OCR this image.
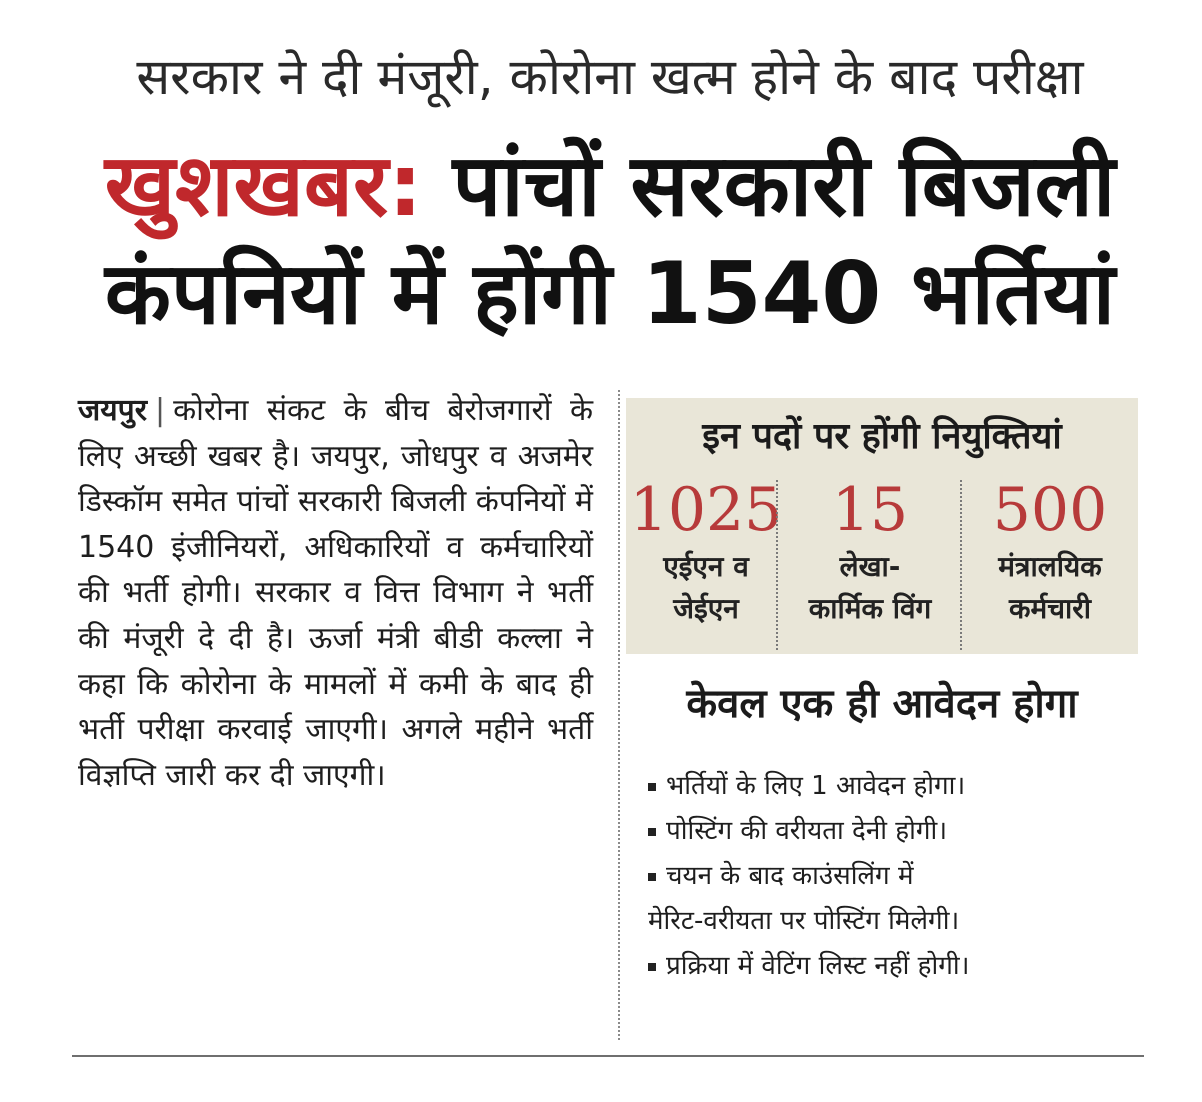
सरकार ने दी मंजूरी, कोरोना खत्म होने के बाद परीक्षा
खुशखबर: पांचों सरकारी बिजली
कंपनियों में होंगी 1540 भर्तियां
जयपुर | कोरोना संकट के बीच बेरोजगारों के लिए अच्छी खबर है। जयपुर, जोधपुर व अजमेर डिस्कॉम समेत पांचों सरकारी बिजली कंपनियों में 1540 इंजीनियरों, अधिकारियों व कर्मचारियों की भर्ती होगी। सरकार व वित्त विभाग ने भर्ती की मंजूरी दे दी है। ऊर्जा मंत्री बीडी कल्ला ने कहा कि कोरोना के मामलों में कमी के बाद ही भर्ती परीक्षा करवाई जाएगी। अगले महीने भर्ती विज्ञप्ति जारी कर दी जाएगी।
इन पदों पर होंगी नियुक्तियां
1025
एईएन व
जेईएन
15
लेखा-
कार्मिक विंग
500
मंत्रालयिक
कर्मचारी
केवल एक ही आवेदन होगा
भर्तियों के लिए 1 आवेदन होगा।
पोस्टिंग की वरीयता देनी होगी।
चयन के बाद काउंसलिंग में
मेरिट-वरीयता पर पोस्टिंग मिलेगी।
प्रक्रिया में वेटिंग लिस्ट नहीं होगी।
